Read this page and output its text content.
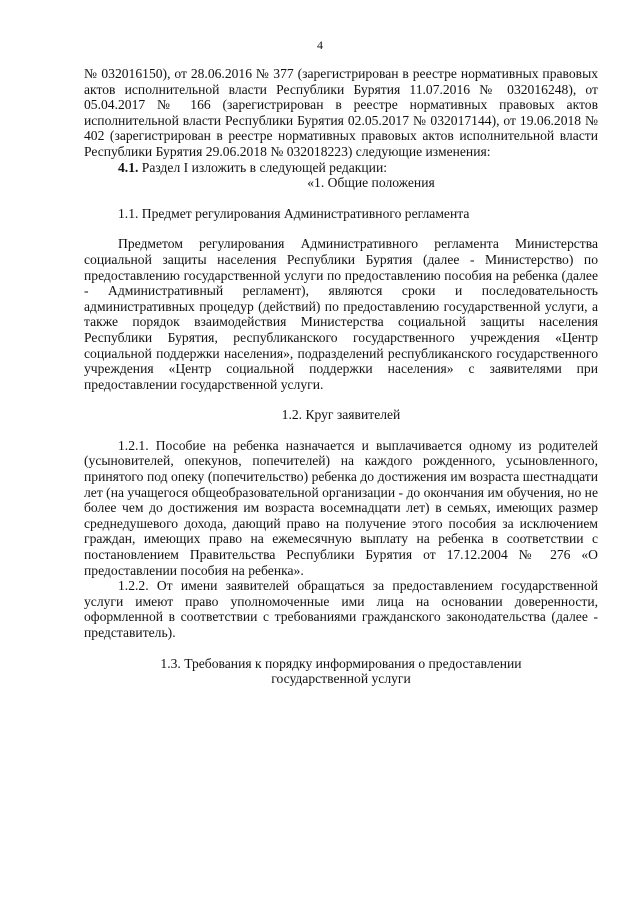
4

№ 032016150), от 28.06.2016 № 377 (зарегистрирован в реестре нормативных правовых актов исполнительной власти Республики Бурятия 11.07.2016 № 032016248), от 05.04.2017 № 166 (зарегистрирован в реестре нормативных правовых актов исполнительной власти Республики Бурятия 02.05.2017 № 032017144), от 19.06.2018 № 402 (зарегистрирован в реестре нормативных правовых актов исполнительной власти Республики Бурятия 29.06.2018 № 032018223) следующие изменения:

4.1. Раздел I изложить в следующей редакции:

«1. Общие положения

1.1. Предмет регулирования Административного регламента

Предметом регулирования Административного регламента Министерства социальной защиты населения Республики Бурятия (далее - Министерство) по предоставлению государственной услуги по предоставлению пособия на ребенка (далее - Административный регламент), являются сроки и последовательность административных процедур (действий) по предоставлению государственной услуги, а также порядок взаимодействия Министерства социальной защиты населения Республики Бурятия, республиканского государственного учреждения «Центр социальной поддержки населения», подразделений республиканского государственного учреждения «Центр социальной поддержки населения» с заявителями при предоставлении государственной услуги.

1.2. Круг заявителей

1.2.1. Пособие на ребенка назначается и выплачивается одному из родителей (усыновителей, опекунов, попечителей) на каждого рожденного, усыновленного, принятого под опеку (попечительство) ребенка до достижения им возраста шестнадцати лет (на учащегося общеобразовательной организации - до окончания им обучения, но не более чем до достижения им возраста восемнадцати лет) в семьях, имеющих размер среднедушевого дохода, дающий право на получение этого пособия за исключением граждан, имеющих право на ежемесячную выплату на ребенка в соответствии с постановлением Правительства Республики Бурятия от 17.12.2004 № 276 «О предоставлении пособия на ребенка».

1.2.2. От имени заявителей обращаться за предоставлением государственной услуги имеют право уполномоченные ими лица на основании доверенности, оформленной в соответствии с требованиями гражданского законодательства (далее - представитель).

1.3. Требования к порядку информирования о предоставлении

государственной услуги
